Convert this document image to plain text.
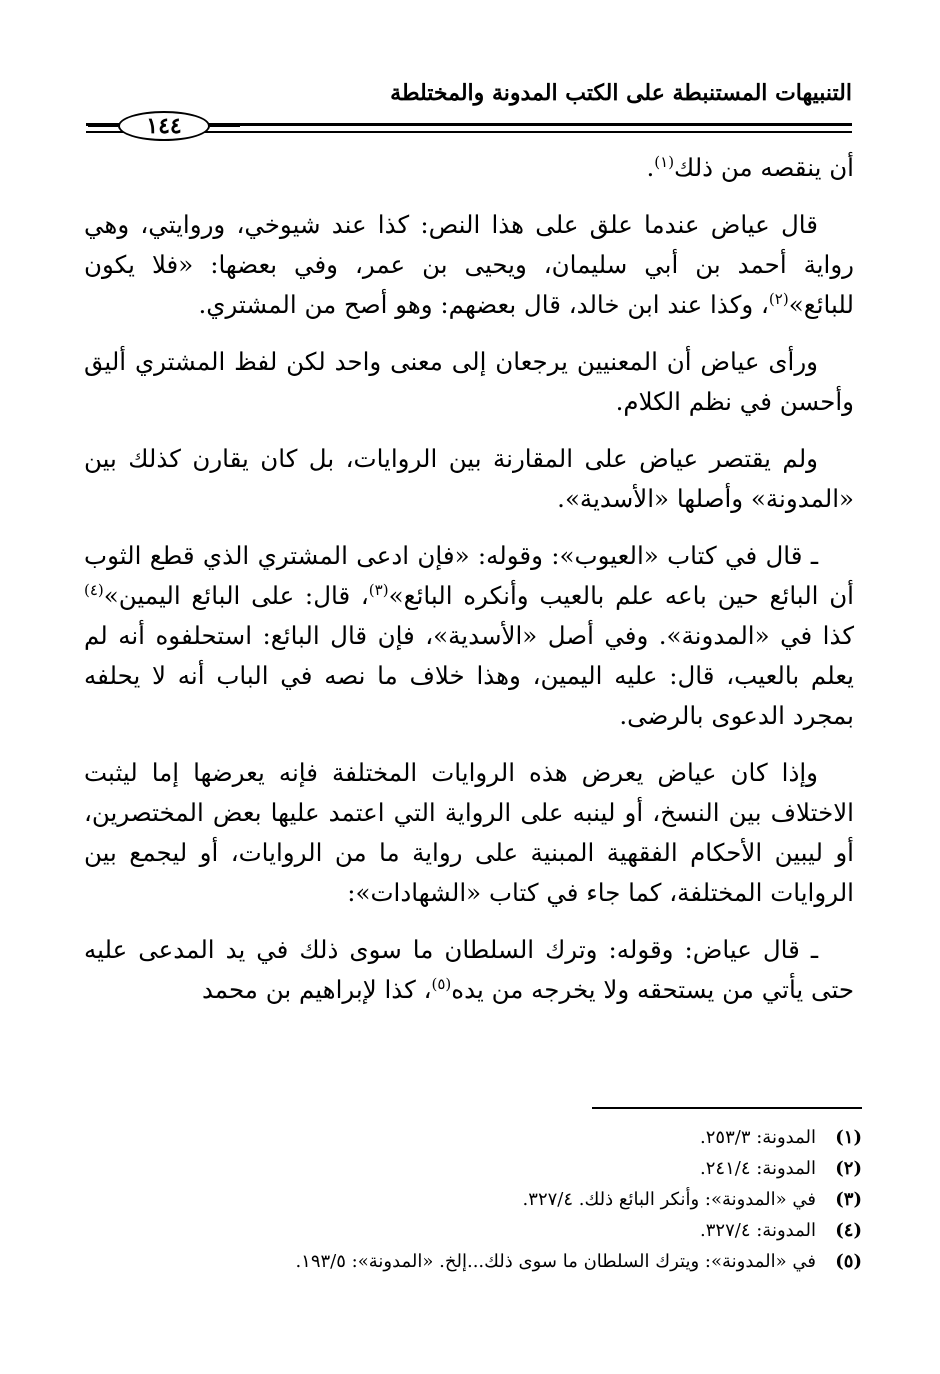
التنبيهات المستنبطة على الكتب المدونة والمختلطة
١٤٤

أن ينقصه من ذلك$^{(١)}$.

قال عياض عندما علق على هذا النص: كذا عند شيوخي، وروايتي، وهي رواية أحمد بن أبي سليمان، ويحيى بن عمر، وفي بعضها: «فلا يكون للبائع»$^{(٢)}$، وكذا عند ابن خالد، قال بعضهم: وهو أصح من المشتري.

ورأى عياض أن المعنيين يرجعان إلى معنى واحد لكن لفظ المشتري أليق وأحسن في نظم الكلام.

ولم يقتصر عياض على المقارنة بين الروايات، بل كان يقارن كذلك بين «المدونة» وأصلها «الأسدية».

ـ قال في كتاب «العيوب»: وقوله: «فإن ادعى المشتري الذي قطع الثوب أن البائع حين باعه علم بالعيب وأنكره البائع»$^{(٣)}$، قال: على البائع اليمين»$^{(٤)}$ كذا في «المدونة». وفي أصل «الأسدية»، فإن قال البائع: استحلفوه أنه لم يعلم بالعيب، قال: عليه اليمين، وهذا خلاف ما نصه في الباب أنه لا يحلفه بمجرد الدعوى بالرضى.

وإذا كان عياض يعرض هذه الروايات المختلفة فإنه يعرضها إما ليثبت الاختلاف بين النسخ، أو لينبه على الرواية التي اعتمد عليها بعض المختصرين، أو ليبين الأحكام الفقهية المبنية على رواية ما من الروايات، أو ليجمع بين الروايات المختلفة، كما جاء في كتاب «الشهادات»:

ـ قال عياض: وقوله: وترك السلطان ما سوى ذلك في يد المدعى عليه حتى يأتي من يستحقه ولا يخرجه من يده$^{(٥)}$، كذا لإبراهيم بن محمد

(١)
المدونة: ٢٥٣/٣.
(٢)
المدونة: ٢٤١/٤.
(٣)
في «المدونة»: وأنكر البائع ذلك. ٣٢٧/٤.
(٤)
المدونة: ٣٢٧/٤.
(٥)
في «المدونة»: ويترك السلطان ما سوى ذلك...إلخ. «المدونة»: ١٩٣/٥.
